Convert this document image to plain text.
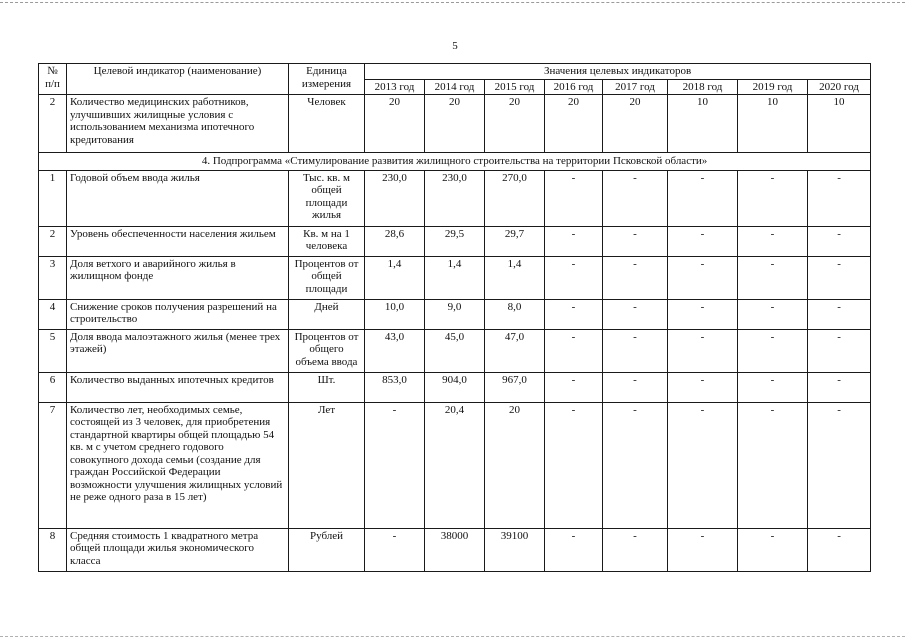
5
№ п/п	Целевой индикатор (наименование)	Единица измерения	Значения целевых индикаторов							
			2013 год	2014 год	2015 год	2016 год	2017 год	2018 год	2019 год	2020 год
2	Количество медицинских работников, улучшивших жилищные условия с использованием механизма ипотечного кредитования	Человек	20	20	20	20	20	10	10	10
4. Подпрограмма «Стимулирование развития жилищного строительства на территории Псковской области»										
1	Годовой объем ввода жилья	Тыс. кв. м общей площади жилья	230,0	230,0	270,0	-	-	-	-	-
2	Уровень обеспеченности населения жильем	Кв. м на 1 человека	28,6	29,5	29,7	-	-	-	-	-
3	Доля ветхого и аварийного жилья в жилищном фонде	Процентов от общей площади	1,4	1,4	1,4	-	-	-	-	-
4	Снижение сроков получения разрешений на строительство	Дней	10,0	9,0	8,0	-	-	-	-	-
5	Доля ввода малоэтажного жилья (менее трех этажей)	Процентов от общего объема ввода	43,0	45,0	47,0	-	-	-	-	-
6	Количество выданных ипотечных кредитов	Шт.	853,0	904,0	967,0	-	-	-	-	-
7	Количество лет, необходимых семье, состоящей из 3 человек, для приобретения стандартной квартиры общей площадью 54 кв. м с учетом среднего годового совокупного дохода семьи (создание для граждан Российской Федерации возможности улучшения жилищных условий не реже одного раза в 15 лет)	Лет	-	20,4	20	-	-	-	-	-
8	Средняя стоимость 1 квадратного метра общей площади жилья экономического класса	Рублей	-	38000	39100	-	-	-	-	-
